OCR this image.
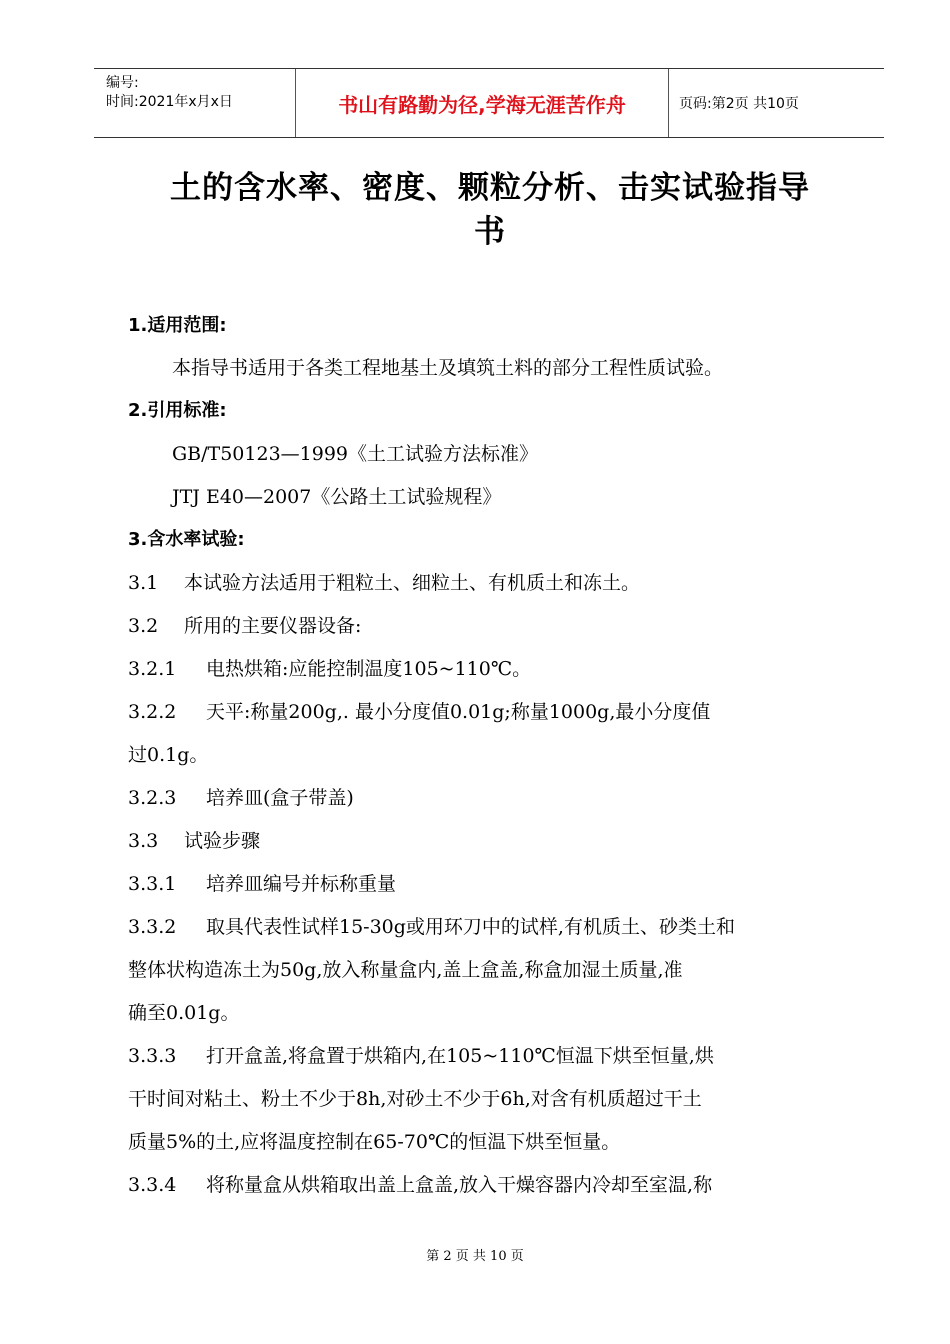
编号:
时间:2021年x月x日	书山有路勤为径,学海无涯苦作舟	页码:第2页 共10页
土的含水率、密度、颗粒分析、击实试验指导
书
1.适用范围:
本指导书适用于各类工程地基土及填筑土料的部分工程性质试验。
2.引用标准:
GB/T50123—1999《土工试验方法标准》
JTJ E40—2007《公路土工试验规程》
3.含水率试验:
3.1 本试验方法适用于粗粒土、细粒土、有机质土和冻土。
3.2 所用的主要仪器设备:
3.2.1 电热烘箱:应能控制温度105~110℃。
3.2.2 天平:称量200g,. 最小分度值0.01g;称量1000g,最小分度值
过0.1g。
3.2.3 培养皿(盒子带盖)
3.3 试验步骤
3.3.1 培养皿编号并标称重量
3.3.2 取具代表性试样15-30g或用环刀中的试样,有机质土、砂类土和
整体状构造冻土为50g,放入称量盒内,盖上盒盖,称盒加湿土质量,准
确至0.01g。
3.3.3 打开盒盖,将盒置于烘箱内,在105~110℃恒温下烘至恒量,烘
干时间对粘土、粉土不少于8h,对砂土不少于6h,对含有机质超过干土
质量5%的土,应将温度控制在65-70℃的恒温下烘至恒量。
3.3.4 将称量盒从烘箱取出盖上盒盖,放入干燥容器内冷却至室温,称
第 2 页 共 10 页
